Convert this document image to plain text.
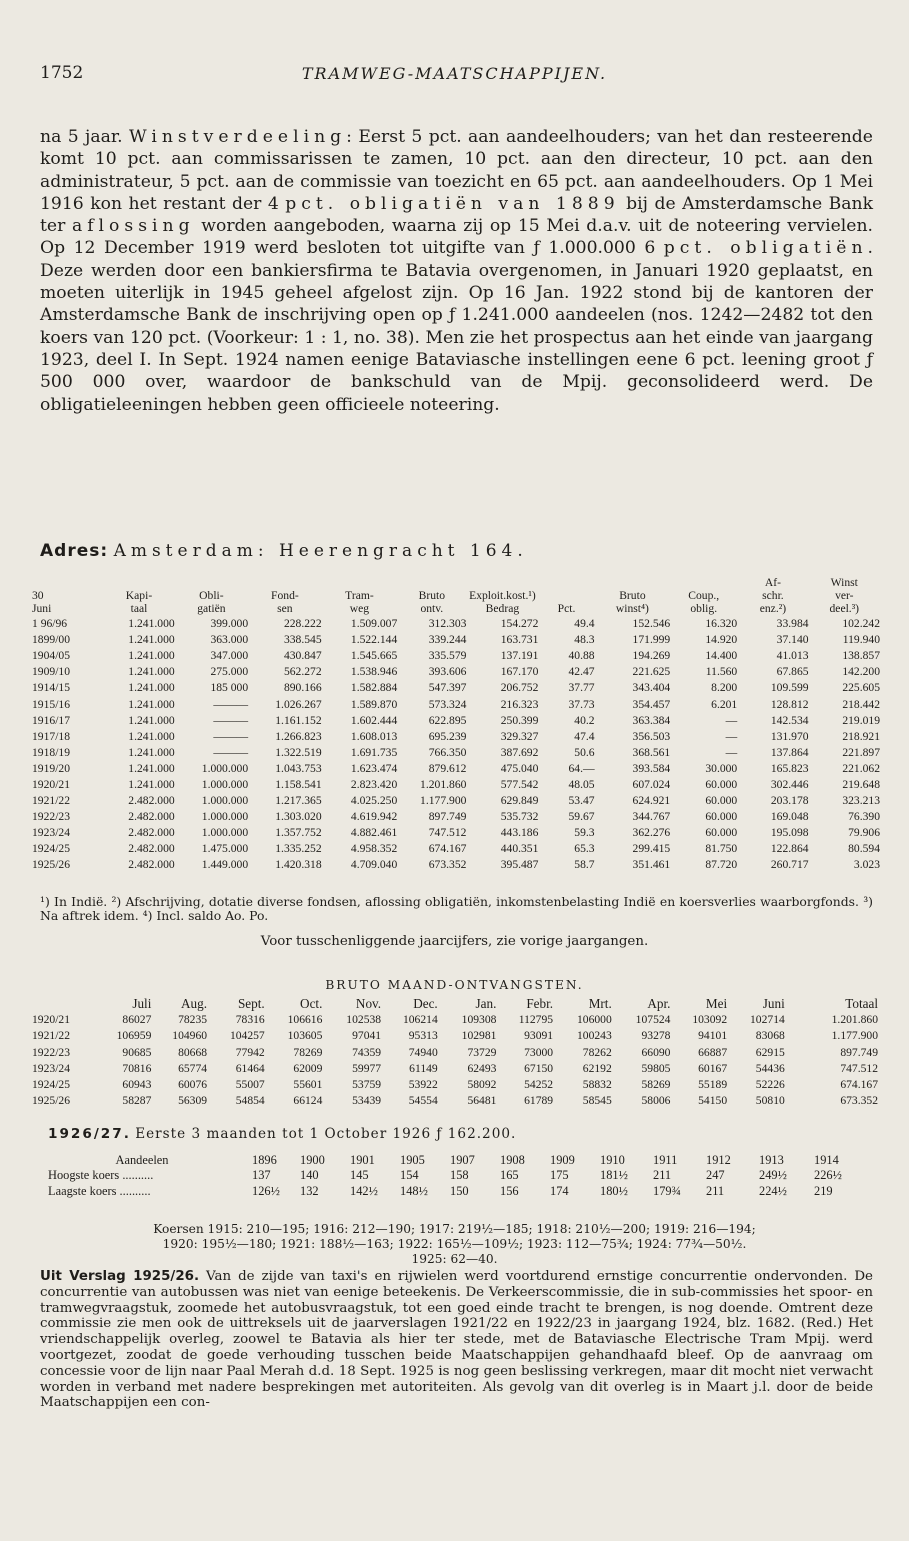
1752	TRAMWEG-MAATSCHAPPIJEN.

na 5 jaar. Winstverdeeling: Eerst 5 pct. aan aandeelhouders; van het dan resteerende komt 10 pct. aan commissarissen te zamen, 10 pct. aan den directeur, 10 pct. aan den administrateur, 5 pct. aan de commissie van toezicht en 65 pct. aan aandeelhouders. Op 1 Mei 1916 kon het restant der 4 pct. obligatiën van 1889 bij de Amsterdamsche Bank ter aflossing worden aangeboden, waarna zij op 15 Mei d.a.v. uit de noteering vervielen. Op 12 December 1919 werd besloten tot uitgifte van ƒ 1.000.000 6 pct. obligatiën. Deze werden door een bankiersfirma te Batavia overgenomen, in Januari 1920 geplaatst, en moeten uiterlijk in 1945 geheel afgelost zijn. Op 16 Jan. 1922 stond bij de kantoren der Amsterdamsche Bank de inschrijving open op ƒ 1.241.000 aandeelen (nos. 1242—2482 tot den koers van 120 pct. (Voorkeur: 1 : 1, no. 38). Men zie het prospectus aan het einde van jaargang 1923, deel I. In Sept. 1924 namen eenige Bataviasche instellingen eene 6 pct. leening groot ƒ 500 000 over, waardoor de bankschuld van de Mpij. geconsolideerd werd. De obligatieleeningen hebben geen officieele noteering.

Adres: Amsterdam: Heerengracht 164.
										Af-	Winst
30	Kapi-	Obli-	Fond-	Tram-	Bruto	Exploit.kost.¹)		Bruto	Coup.,	schr.	ver-
Juni	taal	gatiën	sen	weg	ontv.	Bedrag	Pct.	winst⁴)	oblig.	enz.²)	deel.³)
1 96/96	1.241.000	399.000	228.222	1.509.007	312.303	154.272	49.4	152.546	16.320	33.984	102.242
1899/00	1.241.000	363.000	338.545	1.522.144	339.244	163.731	48.3	171.999	14.920	37.140	119.940
1904/05	1.241.000	347.000	430.847	1.545.665	335.579	137.191	40.88	194.269	14.400	41.013	138.857
1909/10	1.241.000	275.000	562.272	1.538.946	393.606	167.170	42.47	221.625	11.560	67.865	142.200
1914/15	1.241.000	185 000	890.166	1.582.884	547.397	206.752	37.77	343.404	8.200	109.599	225.605
1915/16	1.241.000	———	1.026.267	1.589.870	573.324	216.323	37.73	354.457	6.201	128.812	218.442
1916/17	1.241.000	———	1.161.152	1.602.444	622.895	250.399	40.2	363.384	—	142.534	219.019
1917/18	1.241.000	———	1.266.823	1.608.013	695.239	329.327	47.4	356.503	—	131.970	218.921
1918/19	1.241.000	———	1.322.519	1.691.735	766.350	387.692	50.6	368.561	—	137.864	221.897
1919/20	1.241.000	1.000.000	1.043.753	1.623.474	879.612	475.040	64.—	393.584	30.000	165.823	221.062
1920/21	1.241.000	1.000.000	1.158.541	2.823.420	1.201.860	577.542	48.05	607.024	60.000	302.446	219.648
1921/22	2.482.000	1.000.000	1.217.365	4.025.250	1.177.900	629.849	53.47	624.921	60.000	203.178	323.213
1922/23	2.482.000	1.000.000	1.303.020	4.619.942	897.749	535.732	59.67	344.767	60.000	169.048	76.390
1923/24	2.482.000	1.000.000	1.357.752	4.882.461	747.512	443.186	59.3	362.276	60.000	195.098	79.906
1924/25	2.482.000	1.475.000	1.335.252	4.958.352	674.167	440.351	65.3	299.415	81.750	122.864	80.594
1925/26	2.482.000	1.449.000	1.420.318	4.709.040	673.352	395.487	58.7	351.461	87.720	260.717	3.023
¹) In Indië. ²) Afschrijving, dotatie diverse fondsen, aflossing obligatiën, inkomstenbelasting Indië en koersverlies waarborgfonds. ³) Na aftrek idem. ⁴) Incl. saldo Ao. Po.
Voor tusschenliggende jaarcijfers, zie vorige jaargangen.
BRUTO MAAND-ONTVANGSTEN.
	Juli	Aug.	Sept.	Oct.	Nov.	Dec.	Jan.	Febr.	Mrt.	Apr.	Mei	Juni	Totaal
1920/21	86027	78235	78316	106616	102538	106214	109308	112795	106000	107524	103092	102714	1.201.860
1921/22	106959	104960	104257	103605	97041	95313	102981	93091	100243	93278	94101	83068	1.177.900
1922/23	90685	80668	77942	78269	74359	74940	73729	73000	78262	66090	66887	62915	897.749
1923/24	70816	65774	61464	62009	59977	61149	62493	67150	62192	59805	60167	54436	747.512
1924/25	60943	60076	55007	55601	53759	53922	58092	54252	58832	58269	55189	52226	674.167
1925/26	58287	56309	54854	66124	53439	54554	56481	61789	58545	58006	54150	50810	673.352
1926/27. Eerste 3 maanden tot 1 October 1926 ƒ 162.200.
Aandeelen	1896	1900	1901	1905	1907	1908	1909	1910	1911	1912	1913	1914
Hoogste koers ..........	137	140	145	154	158	165	175	181½	211	247	249½	226½
Laagste koers ..........	126½	132	142½	148½	150	156	174	180½	179¾	211	224½	219
Koersen 1915: 210—195; 1916: 212—190; 1917: 219½—185; 1918: 210½—200; 1919: 216—194;
1920: 195½—180; 1921: 188½—163; 1922: 165½—109½; 1923: 112—75¾; 1924: 77¾—50½.
1925: 62—40.
Uit Verslag 1925/26. Van de zijde van taxi's en rijwielen werd voortdurend ernstige concurrentie ondervonden. De concurrentie van autobussen was niet van eenige beteekenis. De Verkeerscommissie, die in sub-commissies het spoor- en tramwegvraagstuk, zoomede het autobusvraagstuk, tot een goed einde tracht te brengen, is nog doende. Omtrent deze commissie zie men ook de uittreksels uit de jaarverslagen 1921/22 en 1922/23 in jaargang 1924, blz. 1682. (Red.) Het vriendschappelijk overleg, zoowel te Batavia als hier ter stede, met de Bataviasche Electrische Tram Mpij. werd voortgezet, zoodat de goede verhouding tusschen beide Maatschappijen gehandhaafd bleef. Op de aanvraag om concessie voor de lijn naar Paal Merah d.d. 18 Sept. 1925 is nog geen beslissing verkregen, maar dit mocht niet verwacht worden in verband met nadere besprekingen met autoriteiten. Als gevolg van dit overleg is in Maart j.l. door de beide Maatschappijen een con-
